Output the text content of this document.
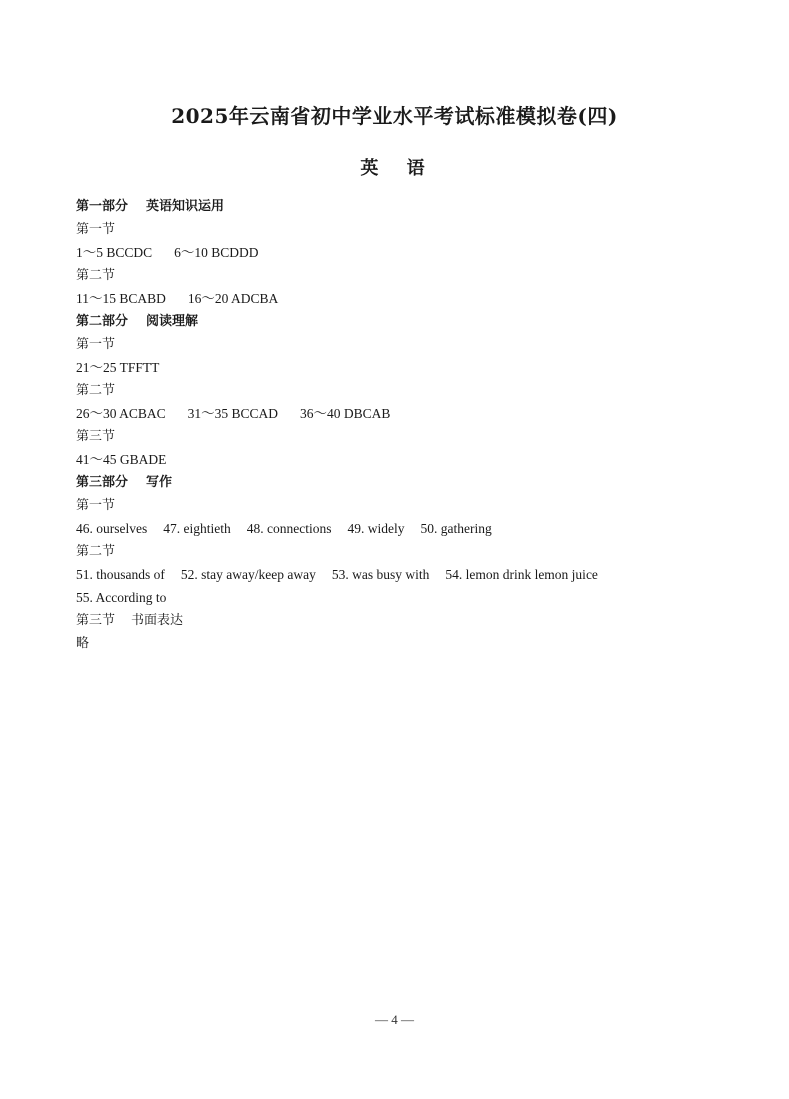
2025年云南省初中学业水平考试标准模拟卷(四)
英 语
第一部分 英语知识运用
第一节
1～5 BCCDC 6～10 BCDDD
第二节
11～15 BCABD 16～20 ADCBA
第二部分 阅读理解
第一节
21～25 TFFTT
第二节
26～30 ACBAC 31～35 BCCAD 36～40 DBCAB
第三节
41～45 GBADE
第三部分 写作
第一节
46. ourselves 47. eightieth 48. connections 49. widely 50. gathering
第二节
51. thousands of 52. stay away/keep away 53. was busy with 54. lemon drink lemon juice
55. According to
第三节 书面表达
略
— 4 —
